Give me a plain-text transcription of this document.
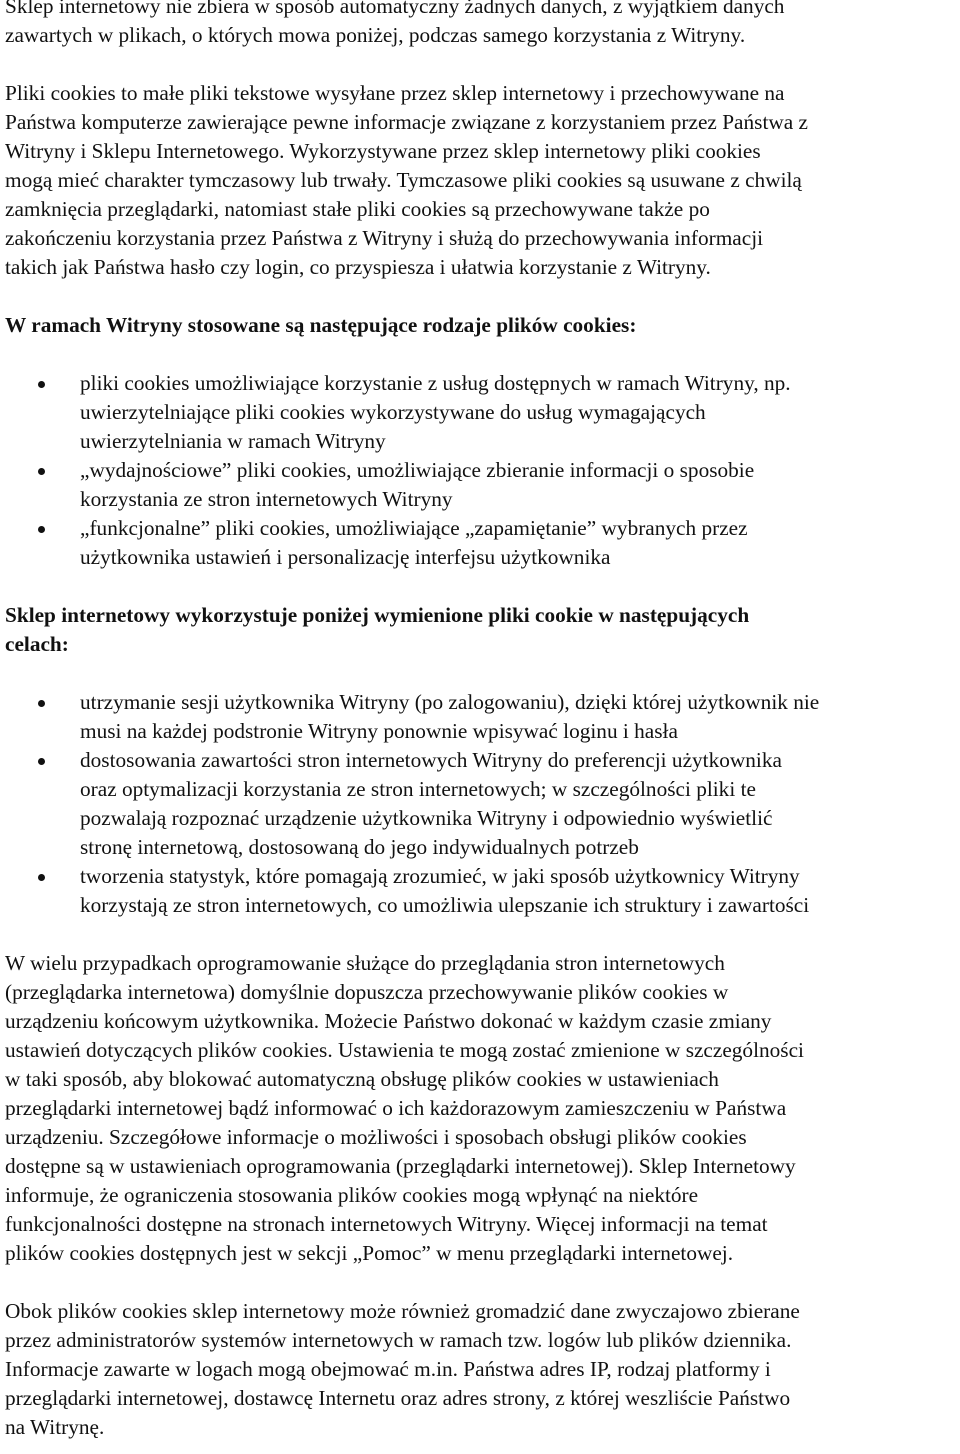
Sklep internetowy nie zbiera w sposób automatyczny żadnych danych, z wyjątkiem danych
zawartych w plikach, o których mowa poniżej, podczas samego korzystania z Witryny.

Pliki cookies to małe pliki tekstowe wysyłane przez sklep internetowy i przechowywane na
Państwa komputerze zawierające pewne informacje związane z korzystaniem przez Państwa z
Witryny i Sklepu Internetowego. Wykorzystywane przez sklep internetowy pliki cookies
mogą mieć charakter tymczasowy lub trwały. Tymczasowe pliki cookies są usuwane z chwilą
zamknięcia przeglądarki, natomiast stałe pliki cookies są przechowywane także po
zakończeniu korzystania przez Państwa z Witryny i służą do przechowywania informacji
takich jak Państwa hasło czy login, co przyspiesza i ułatwia korzystanie z Witryny.

W ramach Witryny stosowane są następujące rodzaje plików cookies:
pliki cookies umożliwiające korzystanie z usług dostępnych w ramach Witryny, np.
uwierzytelniające pliki cookies wykorzystywane do usług wymagających
uwierzytelniania w ramach Witryny
„wydajnościowe” pliki cookies, umożliwiające zbieranie informacji o sposobie
korzystania ze stron internetowych Witryny
„funkcjonalne” pliki cookies, umożliwiające „zapamiętanie” wybranych przez
użytkownika ustawień i personalizację interfejsu użytkownika
Sklep internetowy wykorzystuje poniżej wymienione pliki cookie w następujących
celach:
utrzymanie sesji użytkownika Witryny (po zalogowaniu), dzięki której użytkownik nie
musi na każdej podstronie Witryny ponownie wpisywać loginu i hasła
dostosowania zawartości stron internetowych Witryny do preferencji użytkownika
oraz optymalizacji korzystania ze stron internetowych; w szczególności pliki te
pozwalają rozpoznać urządzenie użytkownika Witryny i odpowiednio wyświetlić
stronę internetową, dostosowaną do jego indywidualnych potrzeb
tworzenia statystyk, które pomagają zrozumieć, w jaki sposób użytkownicy Witryny
korzystają ze stron internetowych, co umożliwia ulepszanie ich struktury i zawartości

W wielu przypadkach oprogramowanie służące do przeglądania stron internetowych
(przeglądarka internetowa) domyślnie dopuszcza przechowywanie plików cookies w
urządzeniu końcowym użytkownika. Możecie Państwo dokonać w każdym czasie zmiany
ustawień dotyczących plików cookies. Ustawienia te mogą zostać zmienione w szczególności
w taki sposób, aby blokować automatyczną obsługę plików cookies w ustawieniach
przeglądarki internetowej bądź informować o ich każdorazowym zamieszczeniu w Państwa
urządzeniu. Szczegółowe informacje o możliwości i sposobach obsługi plików cookies
dostępne są w ustawieniach oprogramowania (przeglądarki internetowej). Sklep Internetowy
informuje, że ograniczenia stosowania plików cookies mogą wpłynąć na niektóre
funkcjonalności dostępne na stronach internetowych Witryny. Więcej informacji na temat
plików cookies dostępnych jest w sekcji „Pomoc” w menu przeglądarki internetowej.

Obok plików cookies sklep internetowy może również gromadzić dane zwyczajowo zbierane
przez administratorów systemów internetowych w ramach tzw. logów lub plików dziennika.
Informacje zawarte w logach mogą obejmować m.in. Państwa adres IP, rodzaj platformy i
przeglądarki internetowej, dostawcę Internetu oraz adres strony, z której weszliście Państwo
na Witrynę.
